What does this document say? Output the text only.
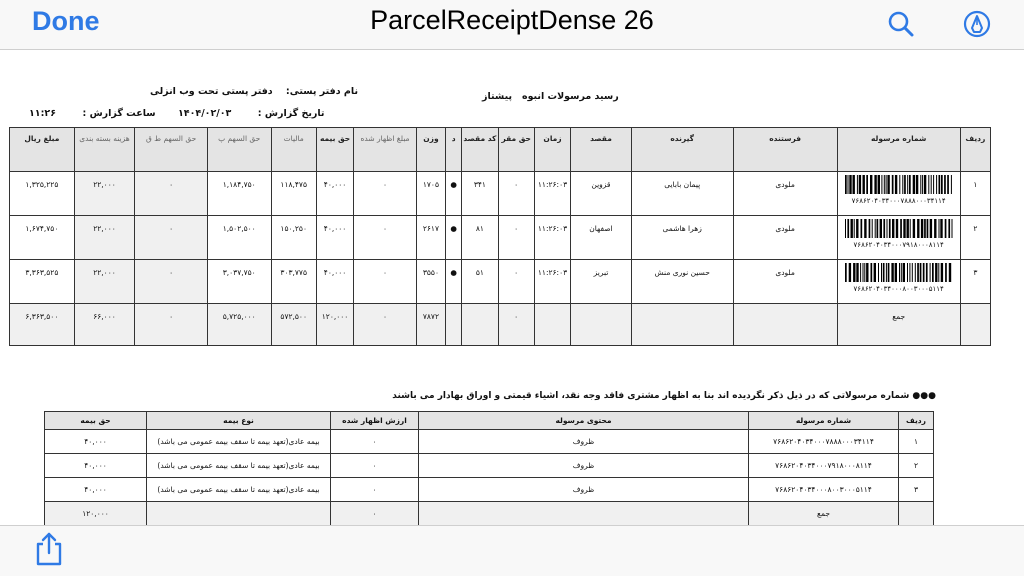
Done	ParcelReceiptDense 26
نام دفتر پستی:    دفتر پستی تحت وب انزلی	رسید مرسولات انبوه   پیشتاز
تاریخ گزارش :        ۱۴۰۴/۰۲/۰۳
ساعت گزارش :        ۱۱:۲۶
ردیف	شماره مرسوله	فرستنده	گیرنده	مقصد	زمان	حق مقر	کد مقصد	د	وزن	مبلغ اظهار شده	حق بیمه	مالیات	حق السهم پ	حق السهم ط ق	هزینه بسته بندی	مبلغ ریال
۱	۷۶۸۶۲۰۴۰۳۴۰۰۰۷۸۸۸۰۰۰۳۴۱۱۴	ملودی	پیمان بابایی	قزوین	۱۱:۲۶:۰۳	۰	۳۴۱	●	۱۷۰۵	۰	۴۰,۰۰۰	۱۱۸,۴۷۵	۱,۱۸۴,۷۵۰	۰	۲۲,۰۰۰	۱,۳۲۵,۲۲۵
۲	۷۶۸۶۲۰۴۰۳۴۰۰۰۷۹۱۸۰۰۰۸۱۱۴	ملودی	زهرا هاشمی	اصفهان	۱۱:۲۶:۰۳	۰	۸۱	●	۲۶۱۷	۰	۴۰,۰۰۰	۱۵۰,۲۵۰	۱,۵۰۲,۵۰۰	۰	۲۲,۰۰۰	۱,۶۷۴,۷۵۰
۳	۷۶۸۶۲۰۴۰۳۴۰۰۰۸۰۰۳۰۰۰۵۱۱۴	ملودی	حسین نوری منش	تبریز	۱۱:۲۶:۰۳	۰	۵۱	●	۳۵۵۰	۰	۴۰,۰۰۰	۳۰۳,۷۷۵	۳,۰۳۷,۷۵۰	۰	۲۲,۰۰۰	۳,۳۶۳,۵۲۵
	جمع					۰			۷۸۷۲	۰	۱۲۰,۰۰۰	۵۷۲,۵۰۰	۵,۷۲۵,۰۰۰	۰	۶۶,۰۰۰	۶,۳۶۳,۵۰۰
●●● شماره مرسولاتی که در ذیل ذکر نگردیده اند بنا به اظهار مشتری فاقد وجه نقد، اشیاء قیمتی و اوراق بهادار می باشند
ردیف	شماره مرسوله	محتوی مرسوله	ارزش اظهار شده	نوع بیمه	حق بیمه
۱	۷۶۸۶۲۰۴۰۳۴۰۰۰۷۸۸۸۰۰۰۳۴۱۱۴	ظروف	۰	بیمه عادی(تعهد بیمه تا سقف بیمه عمومی می باشد)	۴۰,۰۰۰
۲	۷۶۸۶۲۰۴۰۳۴۰۰۰۷۹۱۸۰۰۰۸۱۱۴	ظروف	۰	بیمه عادی(تعهد بیمه تا سقف بیمه عمومی می باشد)	۴۰,۰۰۰
۳	۷۶۸۶۲۰۴۰۳۴۰۰۰۸۰۰۳۰۰۰۵۱۱۴	ظروف	۰	بیمه عادی(تعهد بیمه تا سقف بیمه عمومی می باشد)	۴۰,۰۰۰
	جمع		۰		۱۲۰,۰۰۰
